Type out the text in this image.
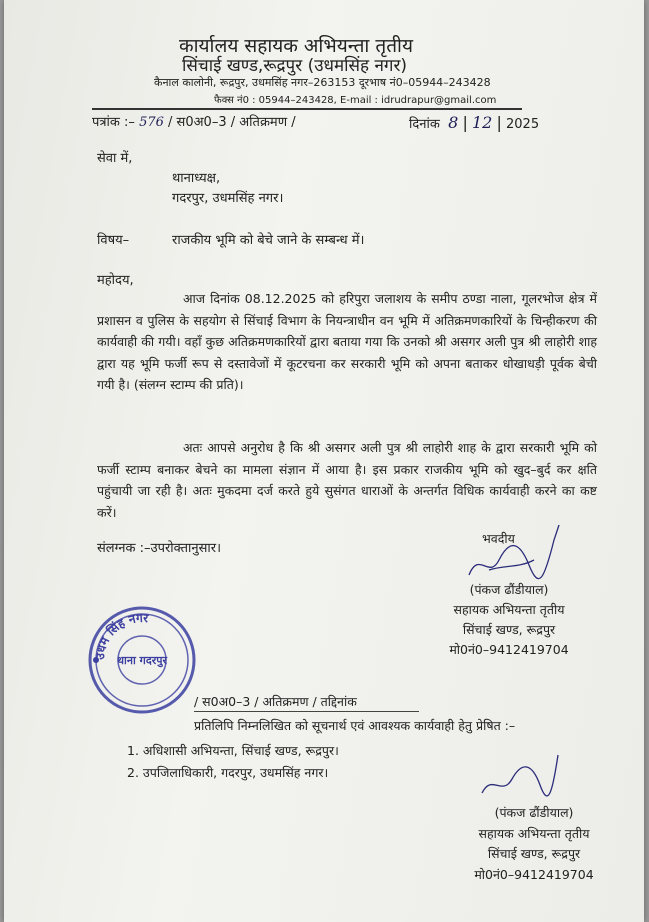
कार्यालय सहायक अभियन्ता तृतीय
सिंचाई खण्ड,रूद्रपुर (उधमसिंह नगर)
कैनाल कालोनी, रूद्रपुर, उधमसिंह नगर–263153 दूरभाष नं0–05944–243428
फैक्स नं0 : 05944–243428, E-mail : idrudrapur@gmail.com
पत्रांक :– 576 / स0अ0–3 / अतिक्रमण /	दिनांक 8 | 12 | 2025
सेवा में,
थानाध्यक्ष,
गदरपुर, उधमसिंह नगर।
विषय–	राजकीय भूमि को बेचे जाने के सम्बन्ध में।
महोदय,
आज दिनांक 08.12.2025 को हरिपुरा जलाशय के समीप ठण्डा नाला, गूलरभोज क्षेत्र में प्रशासन व पुलिस के सहयोग से सिंचाई विभाग के नियन्त्राधीन वन भूमि में अतिक्रमणकारियों के चिन्हीकरण की कार्यवाही की गयी। वहाँ कुछ अतिक्रमणकारियों द्वारा बताया गया कि उनको श्री असगर अली पुत्र श्री लाहोरी शाह द्वारा यह भूमि फर्जी रूप से दस्तावेजों में कूटरचना कर सरकारी भूमि को अपना बताकर धोखाधड़ी पूर्वक बेची गयी है। (संलग्न स्टाम्प की प्रति)।
अतः आपसे अनुरोध है कि श्री असगर अली पुत्र श्री लाहोरी शाह के द्वारा सरकारी भूमि को फर्जी स्टाम्प बनाकर बेचने का मामला संज्ञान में आया है। इस प्रकार राजकीय भूमि को खुद–बुर्द कर क्षति पहुंचायी जा रही है। अतः मुकदमा दर्ज करते हुये सुसंगत धाराओं के अन्तर्गत विधिक कार्यवाही करने का कष्ट करें।
संलग्नक :–उपरोक्तानुसार।
भवदीय
(पंकज ढौंडीयाल)
सहायक अभियन्ता तृतीय
सिंचाई खण्ड, रूद्रपुर
मो0नं0–9412419704
उधम सिंह नगर
थाना गदरपुर
/ स0अ0–3 / अतिक्रमण / तद्दिनांक
प्रतिलिपि निम्नलिखित को सूचनार्थ एवं आवश्यक कार्यवाही हेतु प्रेषित :–
1. अधिशासी अभियन्ता, सिंचाई खण्ड, रूद्रपुर।
2. उपजिलाधिकारी, गदरपुर, उधमसिंह नगर।
(पंकज ढौंडीयाल)
सहायक अभियन्ता तृतीय
सिंचाई खण्ड, रूद्रपुर
मो0नं0–9412419704
